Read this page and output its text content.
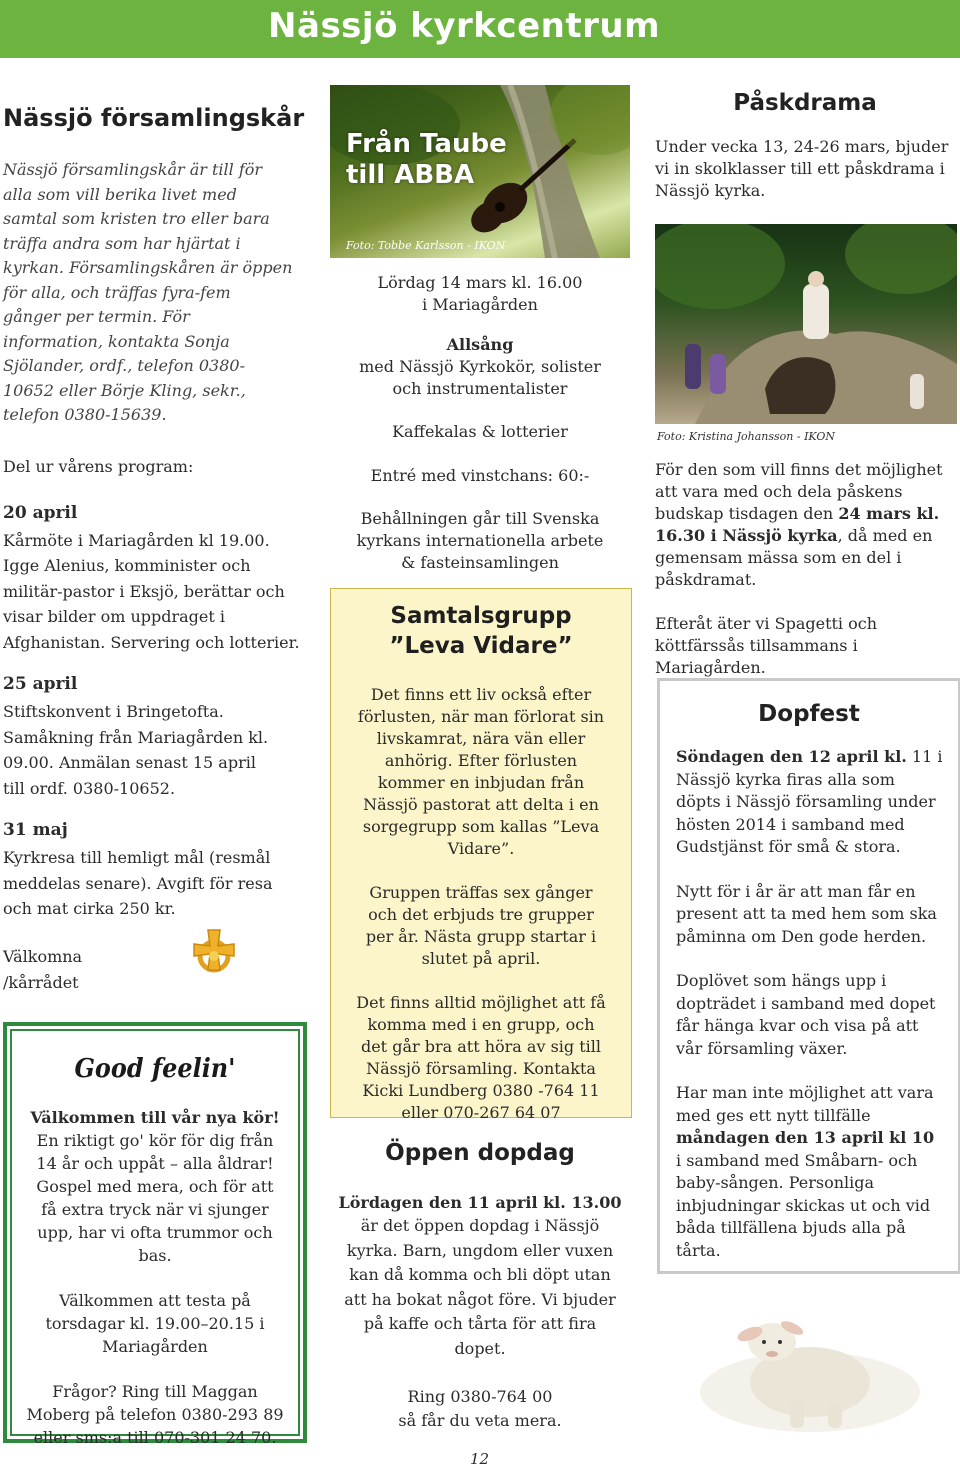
Nässjö kyrkcentrum
Nässjö församlingskår

Nässjö församlingskår är till för alla som vill berika livet med samtal som kristen tro eller bara träffa andra som har hjärtat i kyrkan. Församlingskåren är öppen för alla, och träffas fyra-fem gånger per termin. För information, kontakta Sonja Sjölander, ordf., telefon 0380-10652 eller Börje Kling, sekr., telefon 0380-15639.

Del ur vårens program:

20 april

Kårmöte i Mariagården kl 19.00. Igge Alenius, komminister och militär-pastor i Eksjö, berättar och visar bilder om uppdraget i Afghanistan. Servering och lotterier.

25 april

Stiftskonvent i Bringetofta. Samåkning från Mariagården kl. 09.00. Anmälan senast 15 april till ordf. 0380-10652.

31 maj

Kyrkresa till hemligt mål (resmål meddelas senare). Avgift för resa och mat cirka 250 kr.

Välkomna

/kårrådet

Good feelin'

Välkommen till vår nya kör!

En riktigt go' kör för dig från 14 år och uppåt – alla åldrar! Gospel med mera, och för att få extra tryck när vi sjunger upp, har vi ofta trummor och bas.

Välkommen att testa på torsdagar kl. 19.00–20.15 i Mariagården

Frågor? Ring till Maggan Moberg på telefon 0380-293 89 eller sms:a till 070-301 24 70.

Från Taube
till ABBA
Foto: Tobbe Karlsson - IKON

Lördag 14 mars kl. 16.00

i Mariagården

Allsång

med Nässjö Kyrkokör, solister

och instrumentalister

Kaffekalas & lotterier

Entré med vinstchans: 60:-

Behållningen går till Svenska kyrkans internationella arbete & fasteinsamlingen

Samtalsgrupp
”Leva Vidare”

Det finns ett liv också efter förlusten, när man förlorat sin livskamrat, nära vän eller anhörig. Efter förlusten kommer en inbjudan från Nässjö pastorat att delta i en sorgegrupp som kallas ”Leva Vidare”.

Gruppen träffas sex gånger och det erbjuds tre grupper per år. Nästa grupp startar i slutet på april.

Det finns alltid möjlighet att få komma med i en grupp, och det går bra att höra av sig till Nässjö församling. Kontakta Kicki Lundberg 0380 -764 11 eller 070-267 64 07

Öppen dopdag

Lördagen den 11 april kl. 13.00

är det öppen dopdag i Nässjö kyrka. Barn, ungdom eller vuxen kan då komma och bli döpt utan att ha bokat något före. Vi bjuder på kaffe och tårta för att fira dopet.

Ring 0380-764 00

så får du veta mera.

Påskdrama

Under vecka 13, 24-26 mars, bjuder vi in skolklasser till ett påskdrama i Nässjö kyrka.

Foto: Kristina Johansson - IKON

För den som vill finns det möjlighet att vara med och dela påskens budskap tisdagen den 24 mars kl. 16.30 i Nässjö kyrka, då med en gemensam mässa som en del i påskdramat.

Efteråt äter vi Spagetti och köttfärssås tillsammans i Mariagården.

Dopfest

Söndagen den 12 april kl. 11 i Nässjö kyrka firas alla som döpts i Nässjö församling under hösten 2014 i samband med Gudstjänst för små & stora.

Nytt för i år är att man får en present att ta med hem som ska påminna om Den gode herden.

Doplövet som hängs upp i dopträdet i samband med dopet får hänga kvar och visa på att vår församling växer.

Har man inte möjlighet att vara med ges ett nytt tillfälle måndagen den 13 april kl 10 i samband med Småbarn- och baby-sången. Personliga inbjudningar skickas ut och vid båda tillfällena bjuds alla på tårta.

12
